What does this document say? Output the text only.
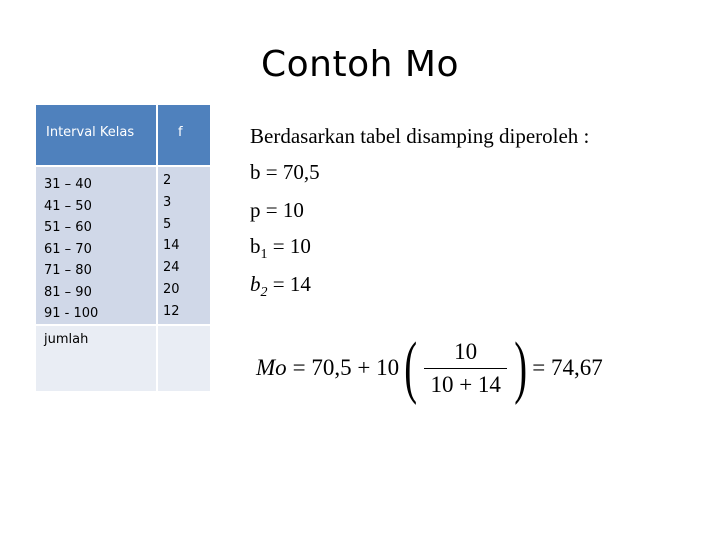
Contoh Mo
Interval Kelas	f
31 – 40
41 – 50
51 – 60
61 – 70
71 – 80
81 – 90
91 - 100
2
3
5
14
24
20
12
jumlah
Berdasarkan tabel disamping diperoleh :
b = 70,5
p = 10
$b_1 = 10$
$b_2 = 14$
Mo = 70,5 + 10 ( $\frac{10}{10 + 14}$ ) = 74,67
